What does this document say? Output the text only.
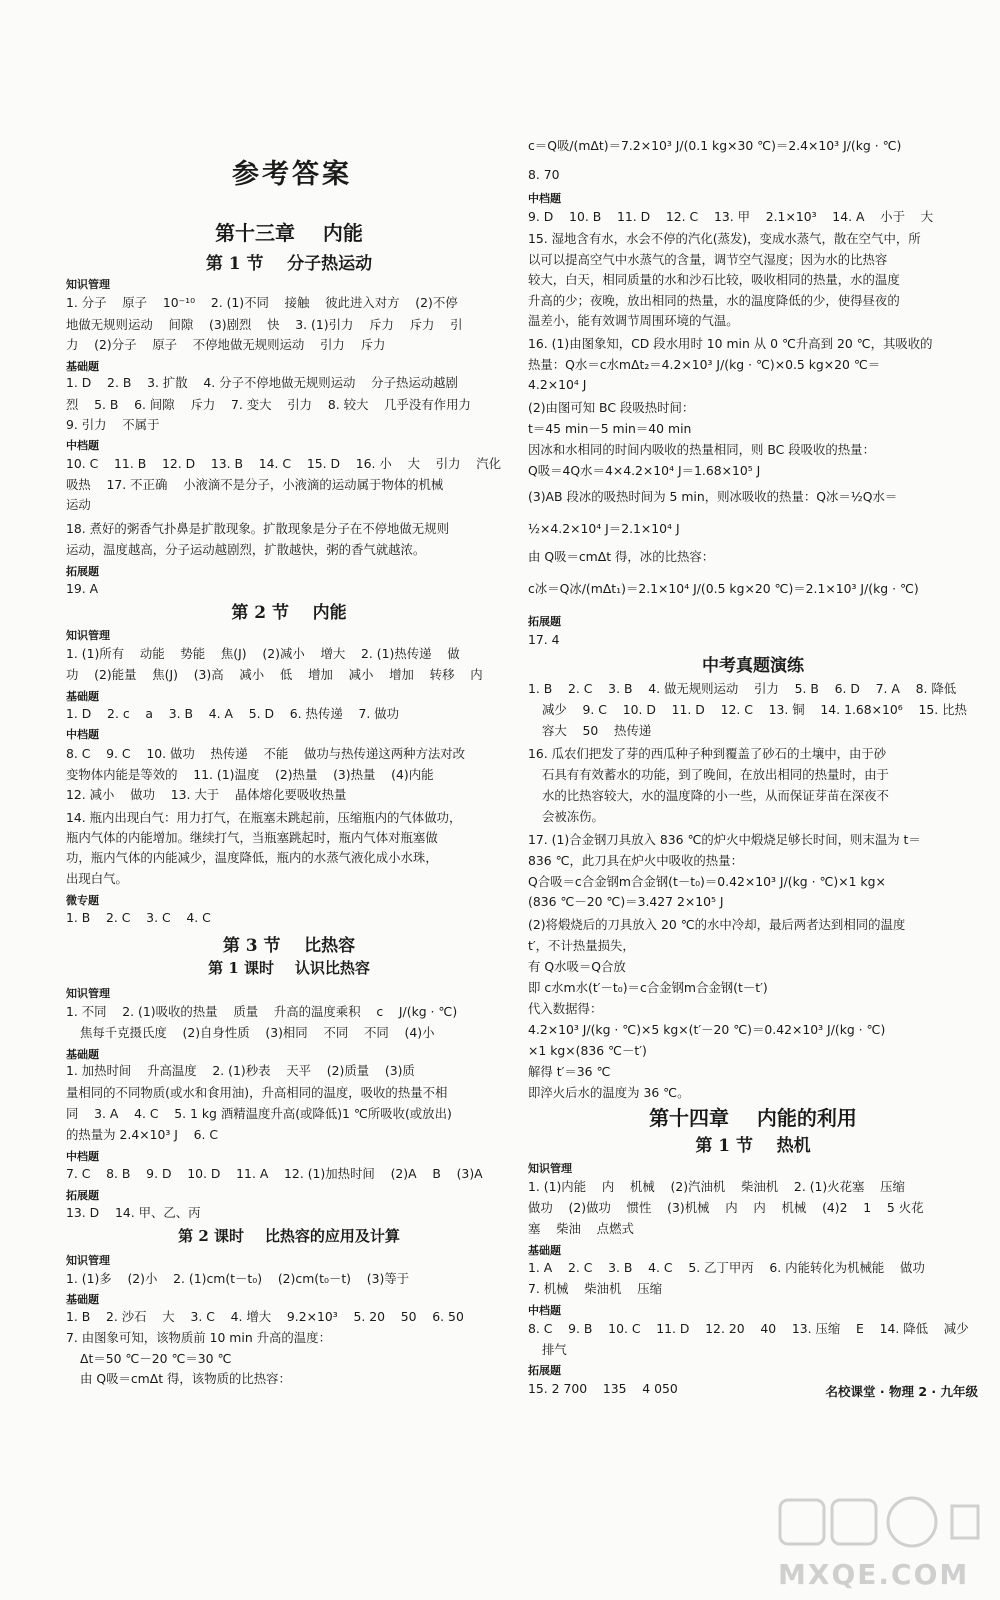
参考答案
第十三章    内能
第 1 节    分子热运动

知识管理

1. 分子    原子    10⁻¹⁰    2. (1)不同    接触    彼此进入对方    (2)不停

地做无规则运动    间隙    (3)剧烈    快    3. (1)引力    斥力    斥力    引

力    (2)分子    原子    不停地做无规则运动    引力    斥力

基础题

1. D    2. B    3. 扩散    4. 分子不停地做无规则运动    分子热运动越剧

烈    5. B    6. 间隙    斥力    7. 变大    引力    8. 较大    几乎没有作用力

9. 引力    不属于

中档题

10. C    11. B    12. D    13. B    14. C    15. D    16. 小    大    引力    汽化

吸热    17. 不正确    小液滴不是分子，小液滴的运动属于物体的机械

运动

18. 煮好的粥香气扑鼻是扩散现象。扩散现象是分子在不停地做无规则

运动，温度越高，分子运动越剧烈，扩散越快，粥的香气就越浓。

拓展题

19. A

第 2 节    内能

知识管理

1. (1)所有    动能    势能    焦(J)    (2)减小    增大    2. (1)热传递    做

功    (2)能量    焦(J)    (3)高    减小    低    增加    减小    增加    转移    内

基础题

1. D    2. c    a    3. B    4. A    5. D    6. 热传递    7. 做功

中档题

8. C    9. C    10. 做功    热传递    不能    做功与热传递这两种方法对改

变物体内能是等效的    11. (1)温度    (2)热量    (3)热量    (4)内能

12. 减小    做功    13. 大于    晶体熔化要吸收热量

14. 瓶内出现白气：用力打气，在瓶塞未跳起前，压缩瓶内的气体做功，

瓶内气体的内能增加。继续打气，当瓶塞跳起时，瓶内气体对瓶塞做

功，瓶内气体的内能减少，温度降低，瓶内的水蒸气液化成小水珠，

出现白气。

微专题

1. B    2. C    3. C    4. C

第 3 节    比热容
第 1 课时    认识比热容

知识管理

1. 不同    2. (1)吸收的热量    质量    升高的温度乘积    c    J/(kg · ℃)

焦每千克摄氏度    (2)自身性质    (3)相同    不同    不同    (4)小

基础题

1. 加热时间    升高温度    2. (1)秒表    天平    (2)质量    (3)质

量相同的不同物质(或水和食用油)，升高相同的温度，吸收的热量不相

同    3. A    4. C    5. 1 kg 酒精温度升高(或降低)1 ℃所吸收(或放出)

的热量为 2.4×10³ J    6. C

中档题

7. C    8. B    9. D    10. D    11. A    12. (1)加热时间    (2)A    B    (3)A

拓展题

13. D    14. 甲、乙、丙

第 2 课时    比热容的应用及计算

知识管理

1. (1)多    (2)小    2. (1)cm(t－t₀)    (2)cm(t₀－t)    (3)等于

基础题

1. B    2. 沙石    大    3. C    4. 增大    9.2×10³    5. 20    50    6. 50

7. 由图象可知，该物质前 10 min 升高的温度：

Δt＝50 ℃－20 ℃＝30 ℃

由 Q吸＝cmΔt 得，该物质的比热容：

c＝Q吸/(mΔt)＝7.2×10³ J/(0.1 kg×30 ℃)＝2.4×10³ J/(kg · ℃)

8. 70

中档题

9. D    10. B    11. D    12. C    13. 甲    2.1×10³    14. A    小于    大

15. 湿地含有水，水会不停的汽化(蒸发)，变成水蒸气，散在空气中，所

以可以提高空气中水蒸气的含量，调节空气湿度；因为水的比热容

较大，白天，相同质量的水和沙石比较，吸收相同的热量，水的温度

升高的少；夜晚，放出相同的热量，水的温度降低的少，使得昼夜的

温差小，能有效调节周围环境的气温。

16. (1)由图象知，CD 段水用时 10 min 从 0 ℃升高到 20 ℃，其吸收的

热量：Q水＝c水mΔt₂＝4.2×10³ J/(kg · ℃)×0.5 kg×20 ℃＝

4.2×10⁴ J

(2)由图可知 BC 段吸热时间：

t＝45 min－5 min＝40 min

因冰和水相同的时间内吸收的热量相同，则 BC 段吸收的热量：

Q吸＝4Q水＝4×4.2×10⁴ J＝1.68×10⁵ J

(3)AB 段冰的吸热时间为 5 min，则冰吸收的热量：Q冰＝½Q水＝

½×4.2×10⁴ J＝2.1×10⁴ J

由 Q吸＝cmΔt 得，冰的比热容：

c冰＝Q冰/(mΔt₁)＝2.1×10⁴ J/(0.5 kg×20 ℃)＝2.1×10³ J/(kg · ℃)

拓展题

17. 4

中考真题演练

1. B    2. C    3. B    4. 做无规则运动    引力    5. B    6. D    7. A    8. 降低

减少    9. C    10. D    11. D    12. C    13. 铜    14. 1.68×10⁶    15. 比热

容大    50    热传递

16. 瓜农们把发了芽的西瓜种子种到覆盖了砂石的土壤中，由于砂

石具有有效蓄水的功能，到了晚间，在放出相同的热量时，由于

水的比热容较大，水的温度降的小一些，从而保证芽苗在深夜不

会被冻伤。

17. (1)合金钢刀具放入 836 ℃的炉火中煅烧足够长时间，则末温为 t＝

836 ℃，此刀具在炉火中吸收的热量：

Q合吸＝c合金钢m合金钢(t－t₀)＝0.42×10³ J/(kg · ℃)×1 kg×

(836 ℃－20 ℃)＝3.427 2×10⁵ J

(2)将煅烧后的刀具放入 20 ℃的水中冷却，最后两者达到相同的温度

t′，不计热量损失，

有 Q水吸＝Q合放

即 c水m水(t′－t₀)＝c合金钢m合金钢(t－t′)

代入数据得：

4.2×10³ J/(kg · ℃)×5 kg×(t′－20 ℃)＝0.42×10³ J/(kg · ℃)

×1 kg×(836 ℃－t′)

解得 t′＝36 ℃

即淬火后水的温度为 36 ℃。

第十四章    内能的利用
第 1 节    热机

知识管理

1. (1)内能    内    机械    (2)汽油机    柴油机    2. (1)火花塞    压缩

做功    (2)做功    惯性    (3)机械    内    内    机械    (4)2    1    5 火花

塞    柴油    点燃式

基础题

1. A    2. C    3. B    4. C    5. 乙丁甲丙    6. 内能转化为机械能    做功

7. 机械    柴油机    压缩

中档题

8. C    9. B    10. C    11. D    12. 20    40    13. 压缩    E    14. 降低    减少

排气

拓展题

15. 2 700    135    4 050	名校课堂 · 物理 2 · 九年级

MXQE.COM
